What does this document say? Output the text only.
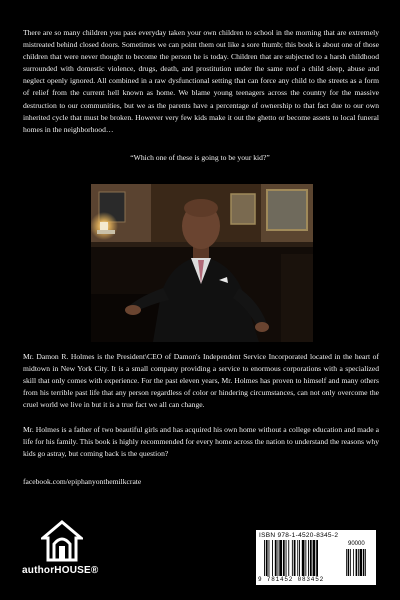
There are so many children you pass everyday taken your own children to school in the morning that are extremely mistreated behind closed doors. Sometimes we can point them out like a sore thumb; this book is about one of those children that were never thought to become the person he is today. Children that are subjected to a harsh childhood surrounded with domestic violence, drugs, death, and prostitution under the same roof a child sleep, abuse and neglect openly ignored. All combined in a raw dysfunctional setting that can force any child to the streets as a form of relief from the current hell known as home. We blame young teenagers across the country for the massive destruction to our communities, but we as the parents have a percentage of ownership to that fact due to our own inherited cycle that must be broken. However very few kids make it out the ghetto or become assets to local funeral homes in the neighborhood…
“Which one of these is going to be your kid?”
Mr. Damon R. Holmes is the President\CEO of Damon's Independent Service Incorporated located in the heart of midtown in New York City. It is a small company providing a service to enormous corporations with a specialized skill that only comes with experience. For the past eleven years, Mr. Holmes has proven to himself and many others from his terrible past life that any person regardless of color or hindering circumstances, can not only overcome the cruel world we live in but it is a true fact we all can change.
Mr. Holmes is a father of two beautiful girls and has acquired his own home without a college education and made a life for his family. This book is highly recommended for every home across the nation to understand the reasons why kids go astray, but coming back is the question?
facebook.com/epiphanyonthemilkcrate
authorHOUSE®
ISBN 978-1-4520-8345-2
90000
9 781452 083452
